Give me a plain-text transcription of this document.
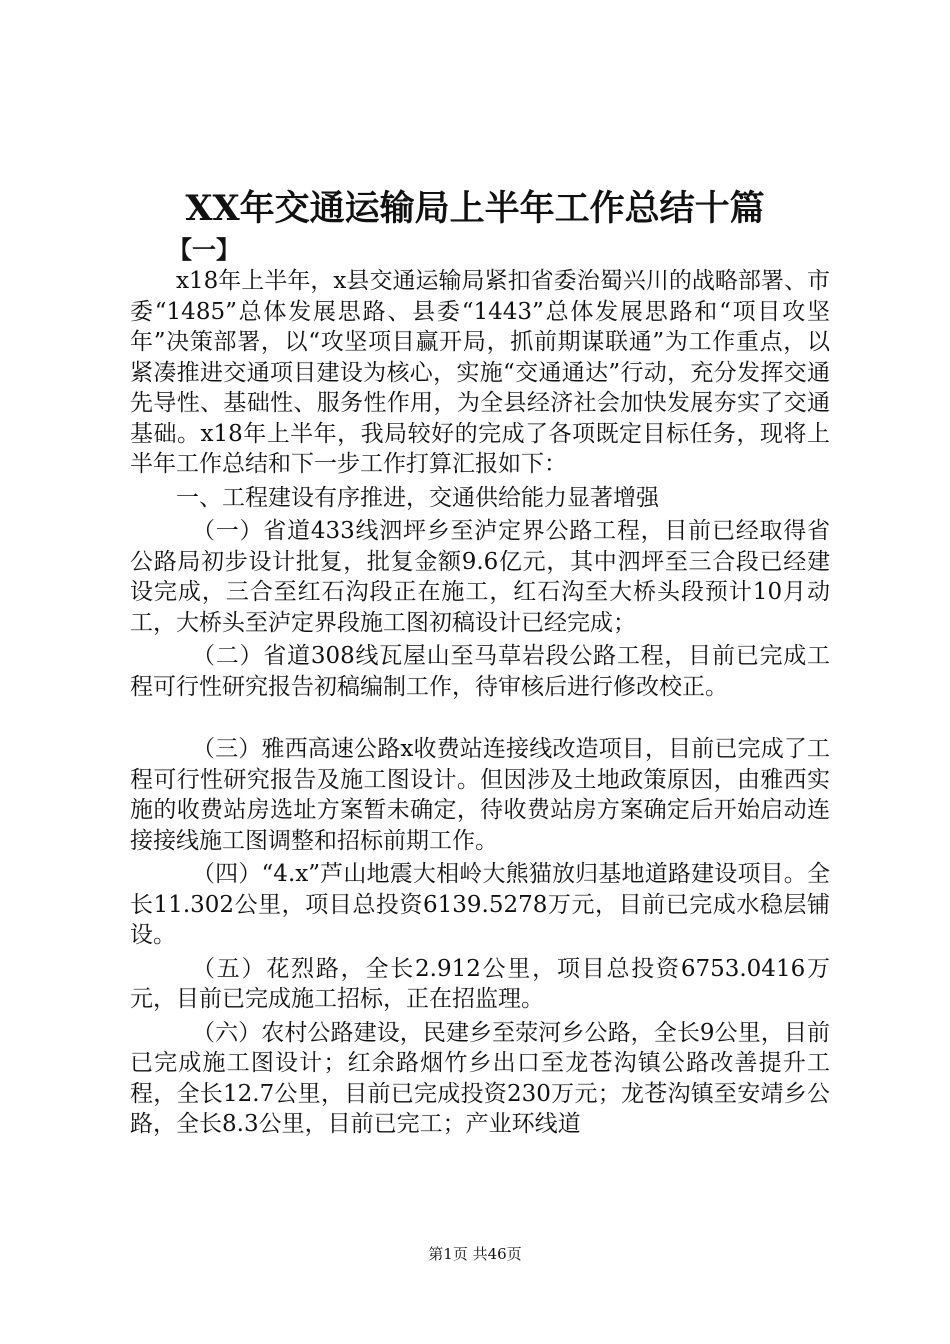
XX年交通运输局上半年工作总结十篇

【一】

x18年上半年，x县交通运输局紧扣省委治蜀兴川的战略部署、市委“1485”总体发展思路、县委“1443”总体发展思路和“项目攻坚年”决策部署，以“攻坚项目赢开局，抓前期谋联通”为工作重点，以紧凑推进交通项目建设为核心，实施“交通通达”行动，充分发挥交通先导性、基础性、服务性作用，为全县经济社会加快发展夯实了交通基础。x18年上半年，我局较好的完成了各项既定目标任务，现将上半年工作总结和下一步工作打算汇报如下：

一、工程建设有序推进，交通供给能力显著增强

（一）省道433线泗坪乡至泸定界公路工程，目前已经取得省公路局初步设计批复，批复金额9.6亿元，其中泗坪至三合段已经建设完成，三合至红石沟段正在施工，红石沟至大桥头段预计10月动工，大桥头至泸定界段施工图初稿设计已经完成；

（二）省道308线瓦屋山至马草岩段公路工程，目前已完成工程可行性研究报告初稿编制工作，待审核后进行修改校正。

（三）雅西高速公路x收费站连接线改造项目，目前已完成了工程可行性研究报告及施工图设计。但因涉及土地政策原因，由雅西实施的收费站房选址方案暂未确定，待收费站房方案确定后开始启动连接接线施工图调整和招标前期工作。

（四）“4.x”芦山地震大相岭大熊猫放归基地道路建设项目。全长11.302公里，项目总投资6139.5278万元，目前已完成水稳层铺设。

（五）花烈路，全长2.912公里，项目总投资6753.0416万元，目前已完成施工招标，正在招监理。

（六）农村公路建设，民建乡至荥河乡公路，全长9公里，目前已完成施工图设计；红余路烟竹乡出口至龙苍沟镇公路改善提升工程，全长12.7公里，目前已完成投资230万元；龙苍沟镇至安靖乡公路，全长8.3公里，目前已完工；产业环线道

第1页 共46页
